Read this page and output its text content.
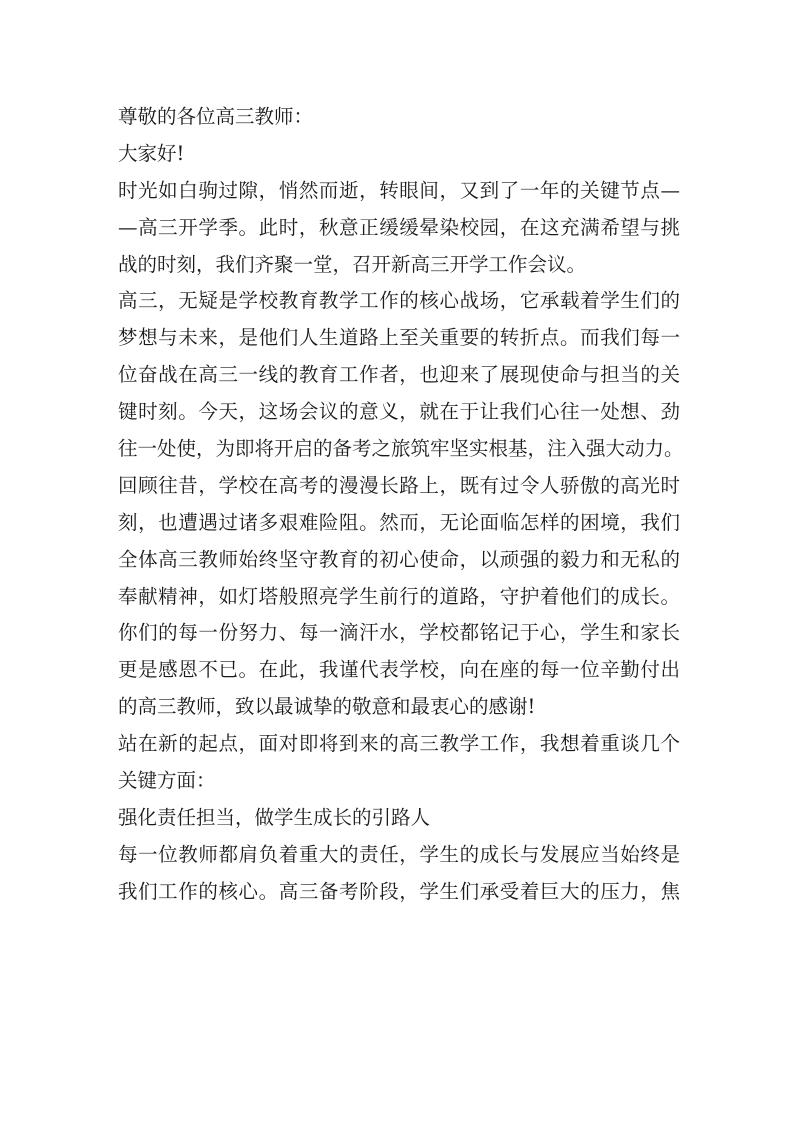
尊敬的各位高三教师：
大家好!
时光如白驹过隙，悄然而逝，转眼间，又到了一年的关键节点—
—高三开学季。此时，秋意正缓缓晕染校园，在这充满希望与挑
战的时刻，我们齐聚一堂，召开新高三开学工作会议。
高三，无疑是学校教育教学工作的核心战场，它承载着学生们的
梦想与未来，是他们人生道路上至关重要的转折点。而我们每一
位奋战在高三一线的教育工作者，也迎来了展现使命与担当的关
键时刻。今天，这场会议的意义，就在于让我们心往一处想、劲
往一处使，为即将开启的备考之旅筑牢坚实根基，注入强大动力。
回顾往昔，学校在高考的漫漫长路上，既有过令人骄傲的高光时
刻，也遭遇过诸多艰难险阻。然而，无论面临怎样的困境，我们
全体高三教师始终坚守教育的初心使命，以顽强的毅力和无私的
奉献精神，如灯塔般照亮学生前行的道路，守护着他们的成长。
你们的每一份努力、每一滴汗水，学校都铭记于心，学生和家长
更是感恩不已。在此，我谨代表学校，向在座的每一位辛勤付出
的高三教师，致以最诚挚的敬意和最衷心的感谢!
站在新的起点，面对即将到来的高三教学工作，我想着重谈几个
关键方面：
强化责任担当，做学生成长的引路人
每一位教师都肩负着重大的责任，学生的成长与发展应当始终是
我们工作的核心。高三备考阶段，学生们承受着巨大的压力，焦
